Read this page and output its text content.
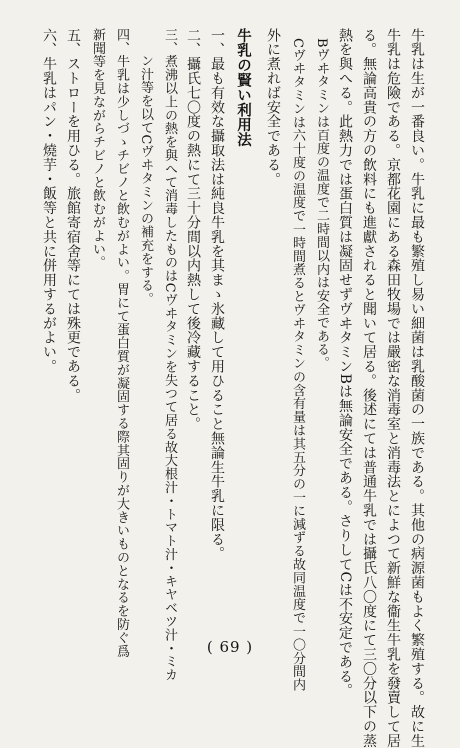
牛乳は生が一番良い。牛乳に最も繁殖し易い細菌は乳酸菌の一族である。其他の病源菌もよく繁殖する。故に生
牛乳は危險である。京都花園にある森田牧場では嚴密な消毒室と消毒法とによつて新鮮な衞生牛乳を發賣して居
る。無論高貴の方の飲料にも進獻されると聞いて居る。後述にては普通牛乳では攝氏八〇度にて三〇分以下の蒸
熱を與へる。此熱力では蛋白質は凝固せずヴヰタミンBは無論安全である。さりしてCは不安定である。
Bヴヰタミンは百度の温度で二時間以内は安全である。
Cヴヰタミンは六十度の温度で一時間煮るとヴヰタミンの含有量は其五分の一に減ずる故同温度で一〇分間内
外に煮れば安全である。
牛乳の賢い利用法
一、最も有效な攝取法は純良牛乳を其まゝ氷藏して用ひること無論生牛乳に限る。
二、攝氏七〇度の熱にて三十分間以内熱して後冷藏すること。
三、煮沸以上の熱を與へて消毒したものはCヴヰタミンを失つて居る故大根汁・トマト汁・キヤベツ汁・ミカ
ン汁等を以てCヴヰタミンの補充をする。
四、牛乳は少しづゝチビノと飲むがよい。胃にて蛋白質が凝固する際其固りが大きいものとなるを防ぐ爲
新聞等を見ながらチビノと飲むがよい。
五、ストローを用ひる。旅館寄宿舍等にては殊更である。
六、牛乳はパン・燒芋・飯等と共に併用するがよい。
( 69 )
